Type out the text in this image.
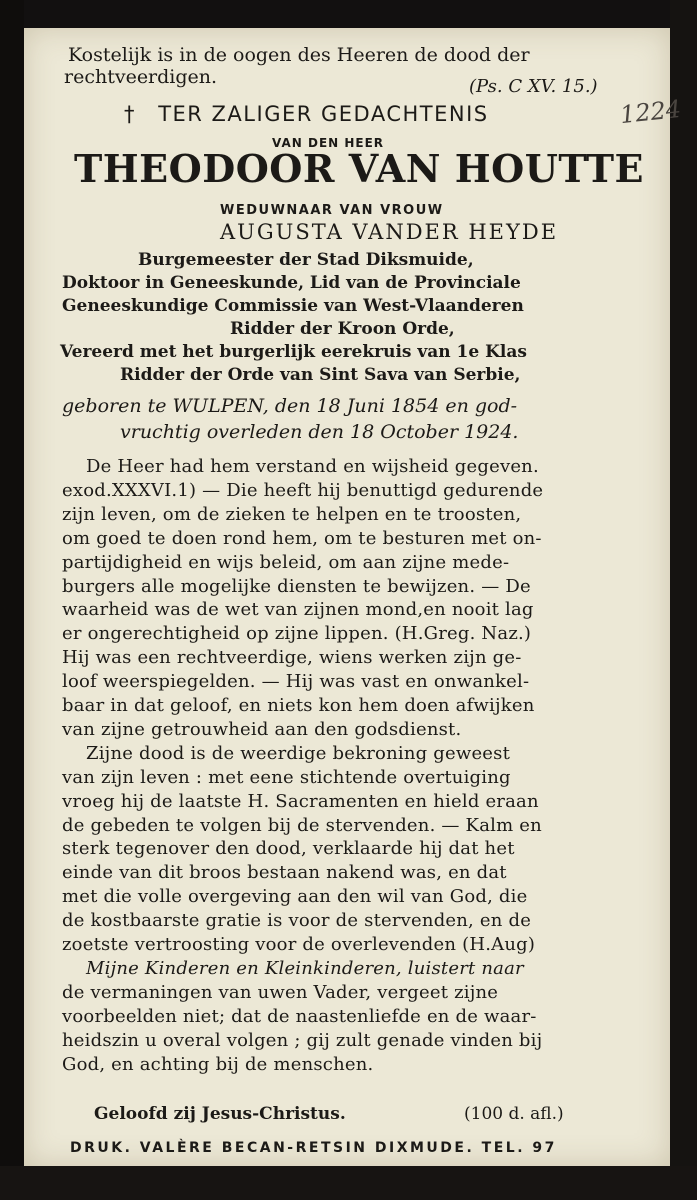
Kostelijk is in de oogen des Heeren de dood der
rechtveerdigen.	(Ps. C XV. 15.)
† TER ZALIGER GEDACHTENIS	1224
VAN DEN HEER
THEODOOR VAN HOUTTE
WEDUWNAAR VAN VROUW
AUGUSTA VANDER HEYDE
Burgemeester der Stad Diksmuide,
Doktoor in Geneeskunde, Lid van de Provinciale
Geneeskundige Commissie van West-Vlaanderen
Ridder der Kroon Orde,
Vereerd met het burgerlijk eerekruis van 1e Klas
Ridder der Orde van Sint Sava van Serbie,
geboren te WULPEN, den 18 Juni 1854 en god-
vruchtig overleden den 18 October 1924.
De Heer had hem verstand en wijsheid gegeven.
exod.XXXVI.1) — Die heeft hij benuttigd gedurende
zijn leven, om de zieken te helpen en te troosten,
om goed te doen rond hem, om te besturen met on-
partijdigheid en wijs beleid, om aan zijne mede-
burgers alle mogelijke diensten te bewijzen. — De
waarheid was de wet van zijnen mond,en nooit lag
er ongerechtigheid op zijne lippen. (H.Greg. Naz.)
Hij was een rechtveerdige, wiens werken zijn ge-
loof weerspiegelden. — Hij was vast en onwankel-
baar in dat geloof, en niets kon hem doen afwijken
van zijne getrouwheid aan den godsdienst.
Zijne dood is de weerdige bekroning geweest
van zijn leven : met eene stichtende overtuiging
vroeg hij de laatste H. Sacramenten en hield eraan
de gebeden te volgen bij de stervenden. — Kalm en
sterk tegenover den dood, verklaarde hij dat het
einde van dit broos bestaan nakend was, en dat
met die volle overgeving aan den wil van God, die
de kostbaarste gratie is voor de stervenden, en de
zoetste vertroosting voor de overlevenden (H.Aug)
Mijne Kinderen en Kleinkinderen, luistert naar
de vermaningen van uwen Vader, vergeet zijne
voorbeelden niet; dat de naastenliefde en de waar-
heidszin u overal volgen ; gij zult genade vinden bij
God, en achting bij de menschen.
Geloofd zij Jesus-Christus.	(100 d. afl.)
DRUK. VALÈRE BECAN-RETSIN DIXMUDE. TEL. 97
